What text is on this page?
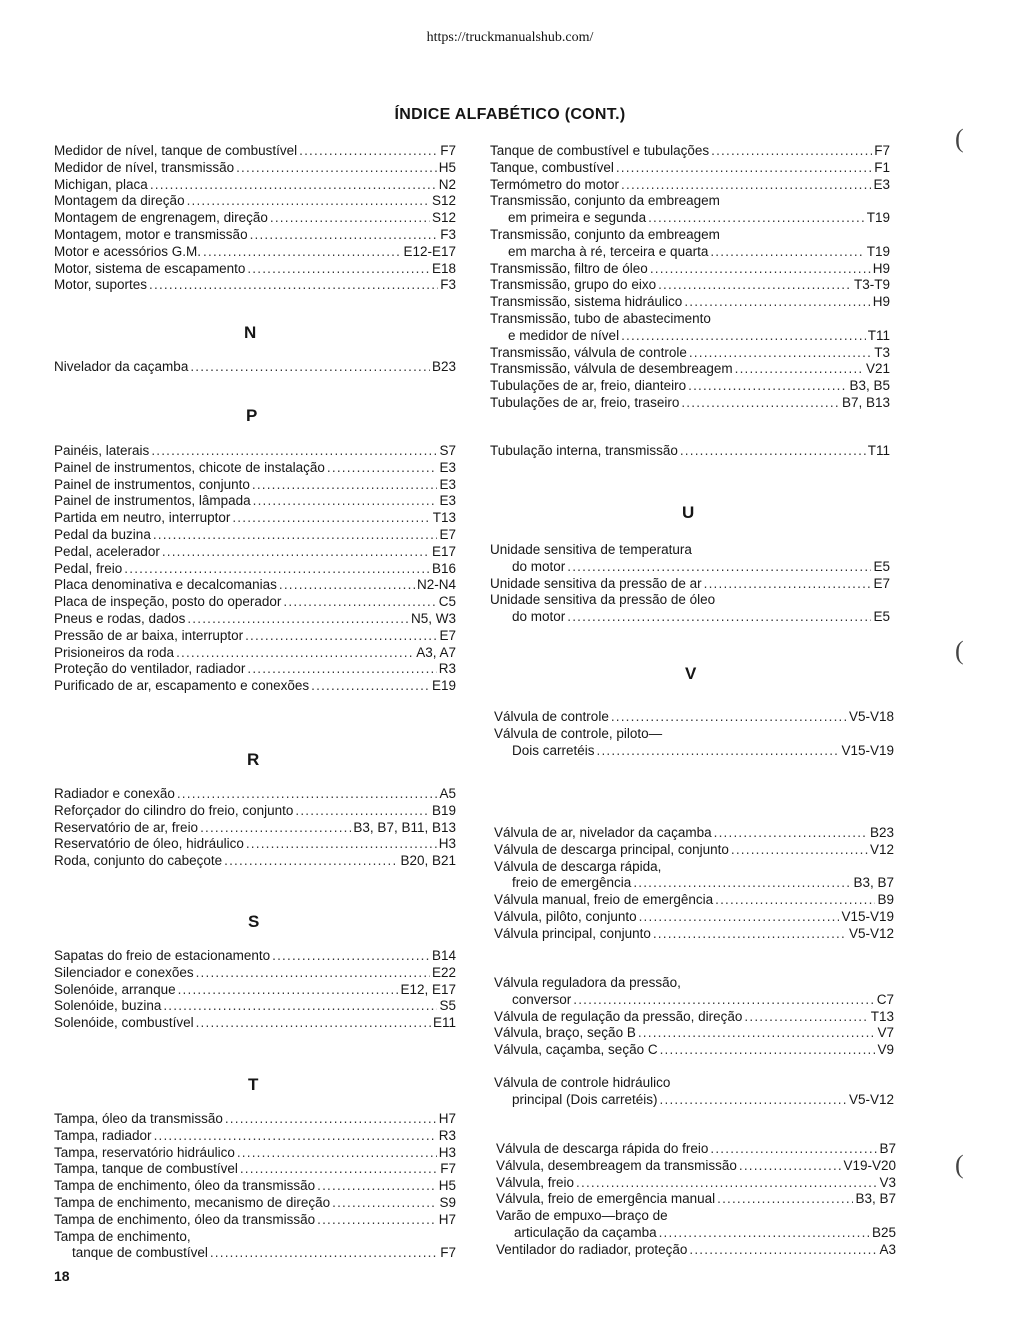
https://truckmanualshub.com/
ÍNDICE ALFABÉTICO (CONT.)
Medidor de nível, tanque de combustível .....	F7
Medidor de nível, transmissão .....	H5
Michigan, placa .....	N2
Montagem da direção .....	S12
Montagem de engrenagem, direção .....	S12
Montagem, motor e transmissão .....	F3
Motor e acessórios G.M. .....	E12-E17
Motor, sistema de escapamento .....	E18
Motor, suportes .....	F3
N
Nivelador da caçamba .....	B23
P
Painéis, laterais .....	S7
Painel de instrumentos, chicote de instalação .....	E3
Painel de instrumentos, conjunto .....	E3
Painel de instrumentos, lâmpada .....	E3
Partida em neutro, interruptor .....	T13
Pedal da buzina .....	E7
Pedal, acelerador .....	E17
Pedal, freio .....	B16
Placa denominativa e decalcomanias .....	N2-N4
Placa de inspeção, posto do operador .....	C5
Pneus e rodas, dados .....	N5, W3
Pressão de ar baixa, interruptor .....	E7
Prisioneiros da roda .....	A3, A7
Proteção do ventilador, radiador .....	R3
Purificado de ar, escapamento e conexões .....	E19
R
Radiador e conexão .....	A5
Reforçador do cilindro do freio, conjunto .....	B19
Reservatório de ar, freio .....	B3, B7, B11, B13
Reservatório de óleo, hidráulico .....	H3
Roda, conjunto do cabeçote .....	B20, B21
S
Sapatas do freio de estacionamento .....	B14
Silenciador e conexões .....	E22
Solenóide, arranque .....	E12, E17
Solenóide, buzina .....	S5
Solenóide, combustível .....	E11
T
Tampa, óleo da transmissão .....	H7
Tampa, radiador .....	R3
Tampa, reservatório hidráulico .....	H3
Tampa, tanque de combustível .....	F7
Tampa de enchimento, óleo da transmissão .....	H5
Tampa de enchimento, mecanismo de direção .....	S9
Tampa de enchimento, óleo da transmissão .....	H7
Tampa de enchimento,
tanque de combustível .....	F7
Tanque de combustível e tubulações .....	F7
Tanque, combustível .....	F1
Termómetro do motor .....	E3
Transmissão, conjunto da embreagem
em primeira e segunda .....	T19
Transmissão, conjunto da embreagem
em marcha à ré, terceira e quarta .....	T19
Transmissão, filtro de óleo .....	H9
Transmissão, grupo do eixo .....	T3-T9
Transmissão, sistema hidráulico .....	H9
Transmissão, tubo de abastecimento
e medidor de nível .....	T11
Transmissão, válvula de controle .....	T3
Transmissão, válvula de desembreagem .....	V21
Tubulações de ar, freio, dianteiro .....	B3, B5
Tubulações de ar, freio, traseiro .....	B7, B13
Tubulação interna, transmissão .....	T11
U
Unidade sensitiva de temperatura
do motor .....	E5
Unidade sensitiva da pressão de ar .....	E7
Unidade sensitiva da pressão de óleo
do motor .....	E5
V
Válvula de controle .....	V5-V18
Válvula de controle, piloto—
Dois carretéis .....	V15-V19
Válvula de ar, nivelador da caçamba .....	B23
Válvula de descarga principal, conjunto .....	V12
Válvula de descarga rápida,
freio de emergência .....	B3, B7
Válvula manual, freio de emergência .....	B9
Válvula, pilôto, conjunto .....	V15-V19
Válvula principal, conjunto .....	V5-V12
Válvula reguladora da pressão,
conversor .....	C7
Válvula de regulação da pressão, direção .....	T13
Válvula, braço, seção B .....	V7
Válvula, caçamba, seção C .....	V9
Válvula de controle hidráulico
principal (Dois carretéis) .....	V5-V12
Válvula de descarga rápida do freio .....	B7
Válvula, desembreagem da transmissão .....	V19-V20
Válvula, freio .....	V3
Válvula, freio de emergência manual .....	B3, B7
Varão de empuxo—braço de
articulação da caçamba .....	B25
Ventilador do radiador, proteção .....	A3
18
(
(
(
